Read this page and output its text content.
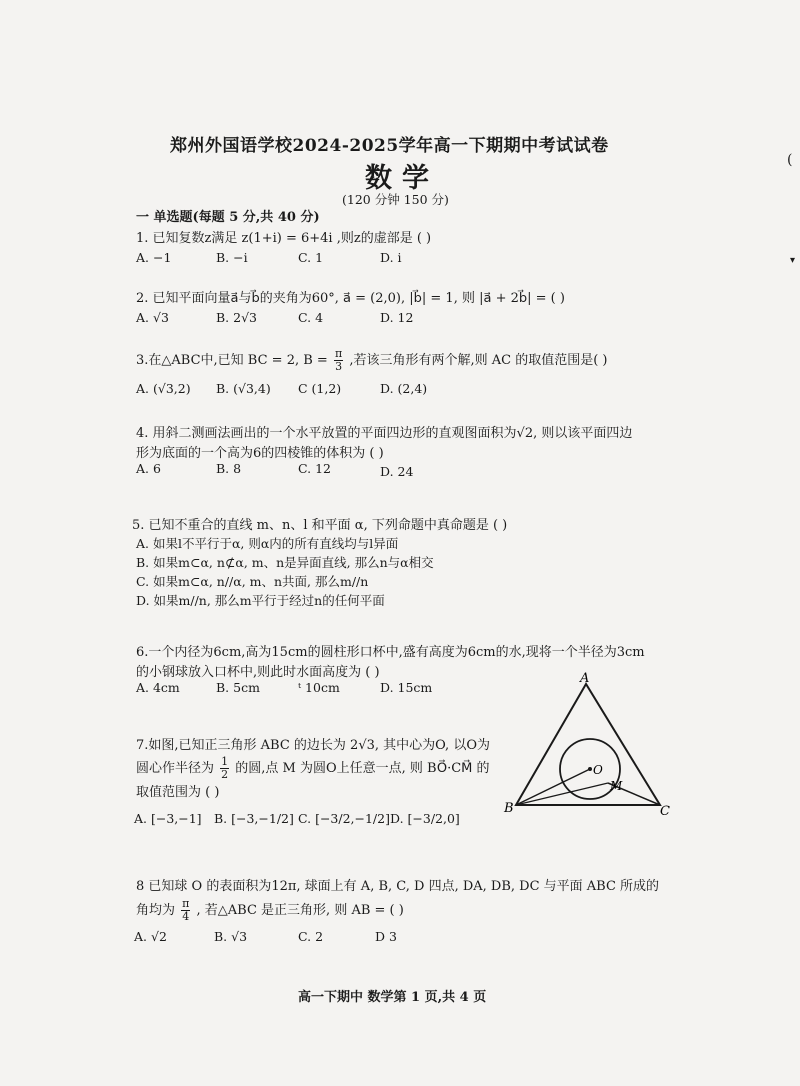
郑州外国语学校2024-2025学年高一下期期中考试试卷
数学
(120 分钟 150 分)
(
▾
一 单选题(每题 5 分,共 40 分)
1. 已知复数z满足 z(1+i) = 6+4i ,则z的虚部是 ( )
A. −1	B. −i	C. 1	D. i
2. 已知平面向量a⃗与b⃗的夹角为60°, a⃗ = (2,0), |b⃗| = 1, 则 |a⃗ + 2b⃗| = ( )
A. √3	B. 2√3	C. 4	D. 12
3.在△ABC中,已知 BC = 2, $B = \frac{\pi}{3}$ ,若该三角形有两个解,则 AC 的取值范围是( )
A. (√3,2) B. (√3,4) C (1,2)	D. (2,4)
4. 用斜二测画法画出的一个水平放置的平面四边形的直观图面积为√2, 则以该平面四边
形为底面的一个高为6的四棱锥的体积为 ( )
A. 6	B. 8	C. 12	D. 24
5. 已知不重合的直线 m、n、l 和平面 α, 下列命题中真命题是 ( )
A. 如果l不平行于α, 则α内的所有直线均与l异面
B. 如果m⊂α, n⊄α, m、n是异面直线, 那么n与α相交
C. 如果m⊂α, n//α, m、n共面, 那么m//n
D. 如果m//n, 那么m平行于经过n的任何平面
6.一个内径为6cm,高为15cm的圆柱形口杯中,盛有高度为6cm的水,现将一个半径为3cm
的小钢球放入口杯中,则此时水面高度为 ( )
A. 4cm	B. 5cm	ᵗ 10cm	D. 15cm
7.如图,已知正三角形 ABC 的边长为 2√3, 其中心为O, 以O为
圆心作半径为 $\frac{1}{2}$ 的圆,点 M 为圆O上任意一点, 则 BO⃗·CM⃗ 的
取值范围为 ( )
A. [−3,−1] B. [−3,−1/2] C. [−3/2,−1/2] D. [−3/2,0]
A
B	C
O
M
8 已知球 O 的表面积为12π, 球面上有 A, B, C, D 四点, DA, DB, DC 与平面 ABC 所成的
角均为 $\frac{\pi}{4}$ , 若△ABC 是正三角形, 则 AB = ( )
A. √2	B. √3	C. 2	D 3
高一下期中 数学第 1 页,共 4 页
